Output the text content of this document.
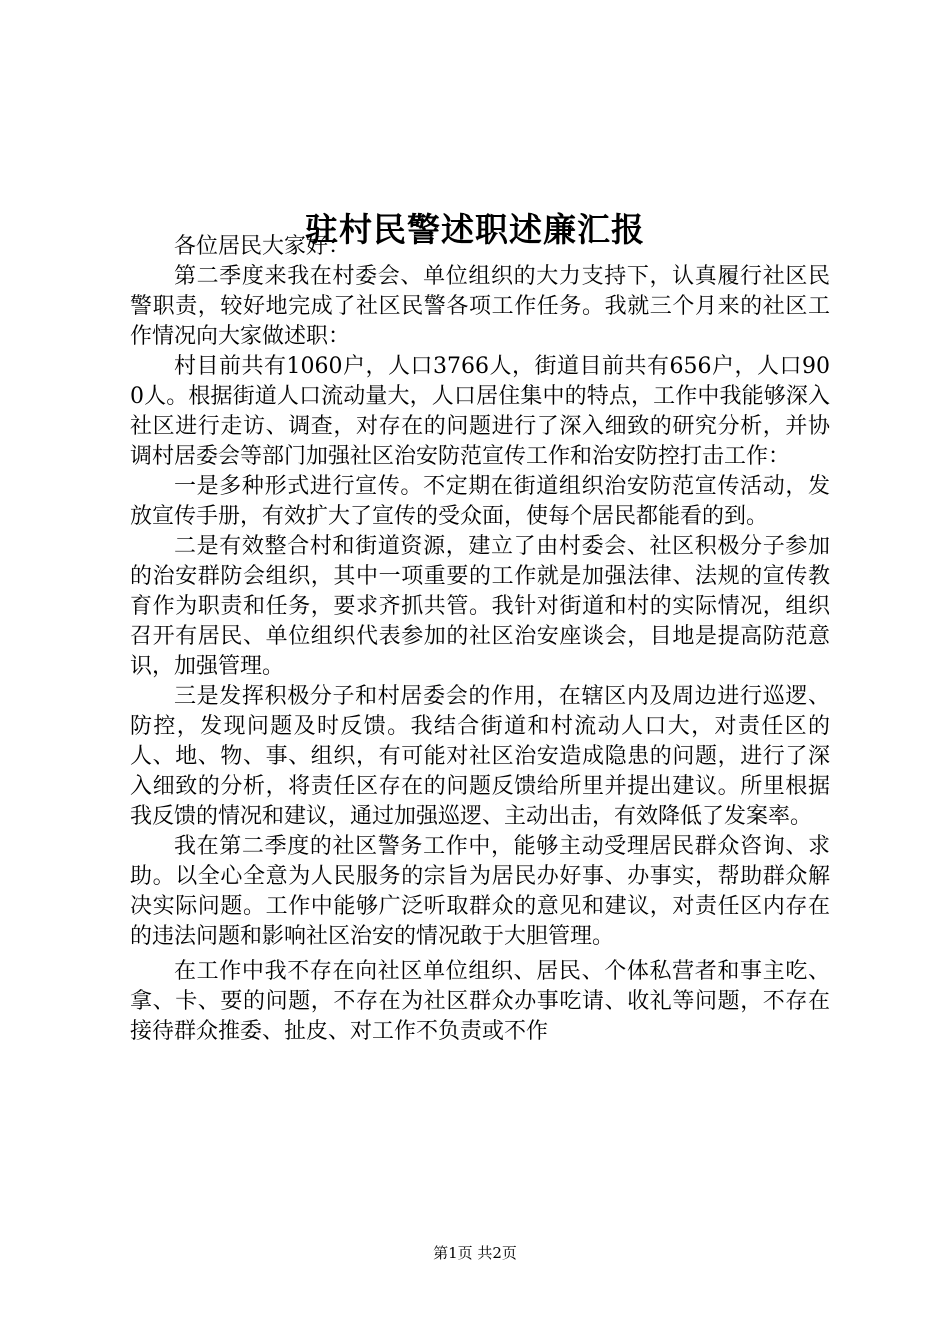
驻村民警述职述廉汇报

各位居民大家好：

第二季度来我在村委会、单位组织的大力支持下，认真履行社区民警职责，较好地完成了社区民警各项工作任务。我就三个月来的社区工作情况向大家做述职：

村目前共有1060户，人口3766人，街道目前共有656户，人口900人。根据街道人口流动量大，人口居住集中的特点，工作中我能够深入社区进行走访、调查，对存在的问题进行了深入细致的研究分析，并协调村居委会等部门加强社区治安防范宣传工作和治安防控打击工作：

一是多种形式进行宣传。不定期在街道组织治安防范宣传活动，发放宣传手册，有效扩大了宣传的受众面，使每个居民都能看的到。

二是有效整合村和街道资源，建立了由村委会、社区积极分子参加的治安群防会组织，其中一项重要的工作就是加强法律、法规的宣传教育作为职责和任务，要求齐抓共管。我针对街道和村的实际情况，组织召开有居民、单位组织代表参加的社区治安座谈会，目地是提高防范意识，加强管理。

三是发挥积极分子和村居委会的作用，在辖区内及周边进行巡逻、防控，发现问题及时反馈。我结合街道和村流动人口大，对责任区的人、地、物、事、组织，有可能对社区治安造成隐患的问题，进行了深入细致的分析，将责任区存在的问题反馈给所里并提出建议。所里根据我反馈的情况和建议，通过加强巡逻、主动出击，有效降低了发案率。

我在第二季度的社区警务工作中，能够主动受理居民群众咨询、求助。以全心全意为人民服务的宗旨为居民办好事、办事实，帮助群众解决实际问题。工作中能够广泛听取群众的意见和建议，对责任区内存在的违法问题和影响社区治安的情况敢于大胆管理。

在工作中我不存在向社区单位组织、居民、个体私营者和事主吃、拿、卡、要的问题，不存在为社区群众办事吃请、收礼等问题，不存在接待群众推委、扯皮、对工作不负责或不作

第1页 共2页
